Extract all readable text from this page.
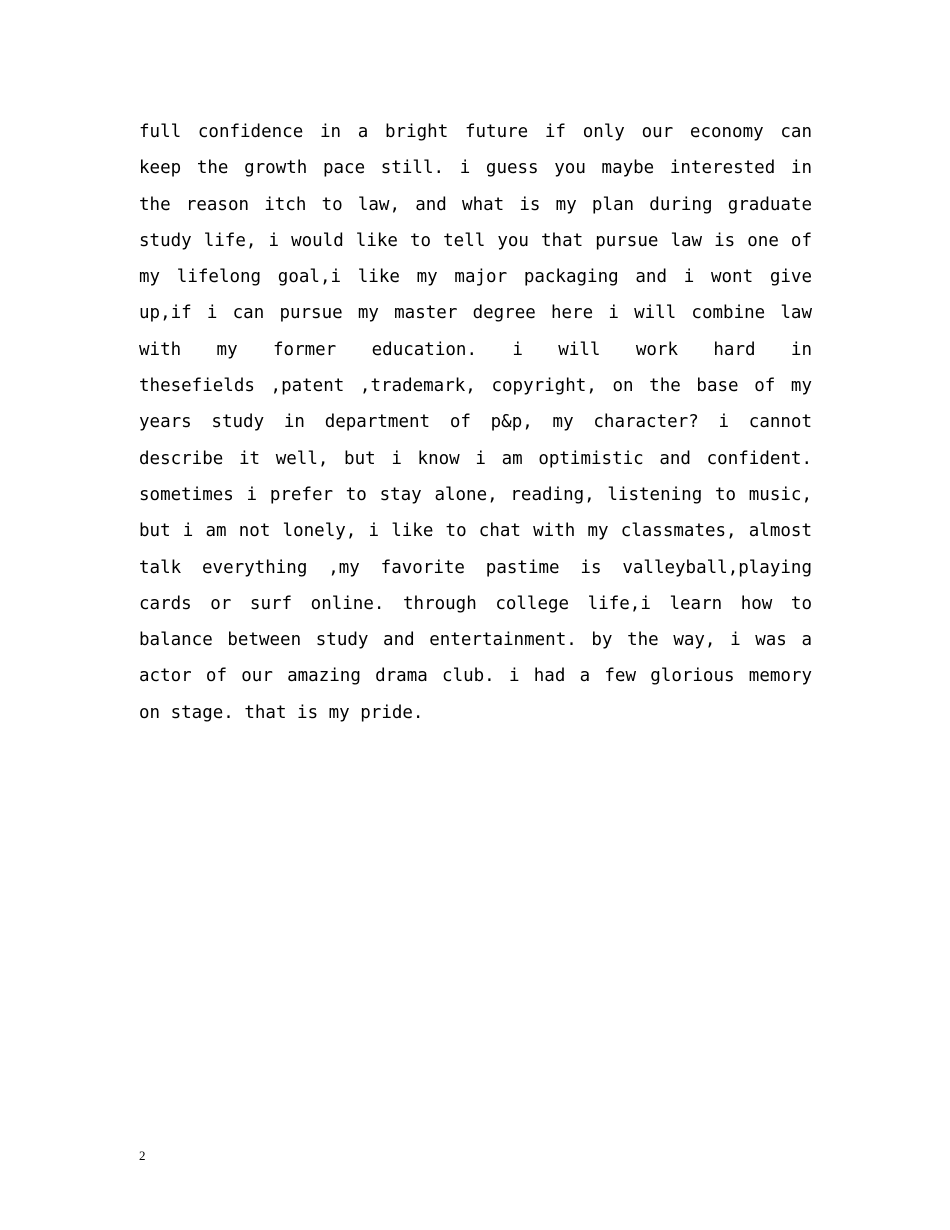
full confidence in a bright future if only our economy can
keep the growth pace still. i guess you maybe interested in
the reason itch to law, and what is my plan during graduate
study life, i would like to tell you that pursue law is one of
my lifelong goal,i like my major packaging and i wont give
up,if i can pursue my master degree here i will combine law
with my former education. i will work hard in
thesefields ,patent ,trademark, copyright, on the base of my
years study in department of p&p, my character? i cannot
describe it well, but i know i am optimistic and confident.
sometimes i prefer to stay alone, reading, listening to music,
but i am not lonely, i like to chat with my classmates, almost
talk everything ,my favorite pastime is valleyball,playing
cards or surf online. through college life,i learn how to
balance between study and entertainment. by the way, i was a
actor of our amazing drama club. i had a few glorious memory
on stage. that is my pride.

2
